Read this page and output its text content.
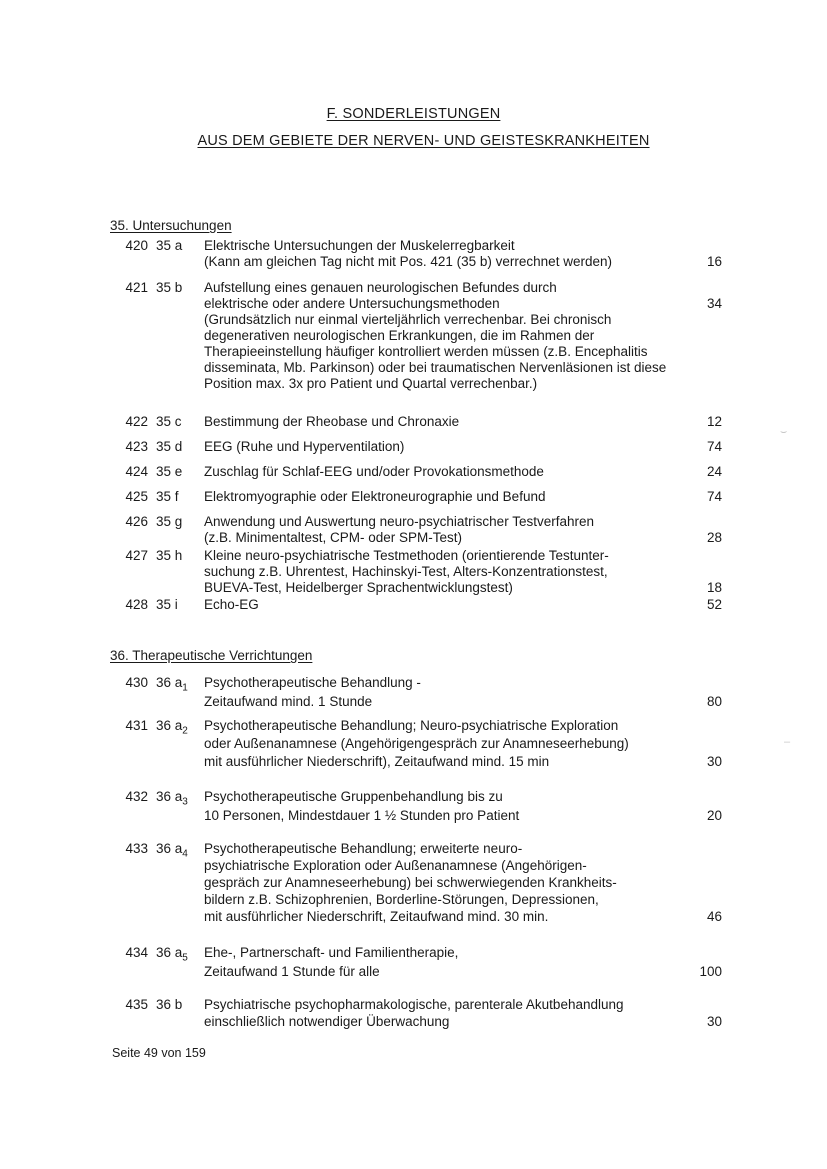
F. SONDERLEISTUNGEN
AUS DEM GEBIETE DER NERVEN- UND GEISTESKRANKHEITEN
35. Untersuchungen
420 35 a Elektrische Untersuchungen der Muskelerregbarkeit
(Kann am gleichen Tag nicht mit Pos. 421 (35 b) verrechnet werden)	16
421 35 b Aufstellung eines genauen neurologischen Befundes durch
elektrische oder andere Untersuchungsmethoden
(Grundsätzlich nur einmal vierteljährlich verrechenbar. Bei chronisch
degenerativen neurologischen Erkrankungen, die im Rahmen der
Therapieeinstellung häufiger kontrolliert werden müssen (z.B. Encephalitis
disseminata, Mb. Parkinson) oder bei traumatischen Nervenläsionen ist diese
Position max. 3x pro Patient und Quartal verrechenbar.)
34
422 35 c Bestimmung der Rheobase und Chronaxie	12
423 35 d EEG (Ruhe und Hyperventilation)	74
424 35 e Zuschlag für Schlaf-EEG und/oder Provokationsmethode	24
425 35 f Elektromyographie oder Elektroneurographie und Befund	74
426 35 g Anwendung und Auswertung neuro-psychiatrischer Testverfahren
(z.B. Minimentaltest, CPM- oder SPM-Test)	28
427 35 h Kleine neuro-psychiatrische Testmethoden (orientierende Testunter-
suchung z.B. Uhrentest, Hachinskyi-Test, Alters-Konzentrationstest,
BUEVA-Test, Heidelberger Sprachentwicklungstest)	18
428 35 i Echo-EG	52
36. Therapeutische Verrichtungen
430 36 $a_1$ Psychotherapeutische Behandlung -
Zeitaufwand mind. 1 Stunde	80
431 36 $a_2$ Psychotherapeutische Behandlung; Neuro-psychiatrische Exploration
oder Außenanamnese (Angehörigengespräch zur Anamneseerhebung)
mit ausführlicher Niederschrift), Zeitaufwand mind. 15 min	30
432 36 $a_3$ Psychotherapeutische Gruppenbehandlung bis zu
10 Personen, Mindestdauer 1 ½ Stunden pro Patient	20
433 36 $a_4$ Psychotherapeutische Behandlung; erweiterte neuro-
psychiatrische Exploration oder Außenanamnese (Angehörigen-
gespräch zur Anamneseerhebung) bei schwerwiegenden Krankheits-
bildern z.B. Schizophrenien, Borderline-Störungen, Depressionen,
mit ausführlicher Niederschrift, Zeitaufwand mind. 30 min.	46
434 36 $a_5$ Ehe-, Partnerschaft- und Familientherapie,
Zeitaufwand 1 Stunde für alle	100
435 36 b Psychiatrische psychopharmakologische, parenterale Akutbehandlung
einschließlich notwendiger Überwachung	30
Seite 49 von 159
⌣
–
